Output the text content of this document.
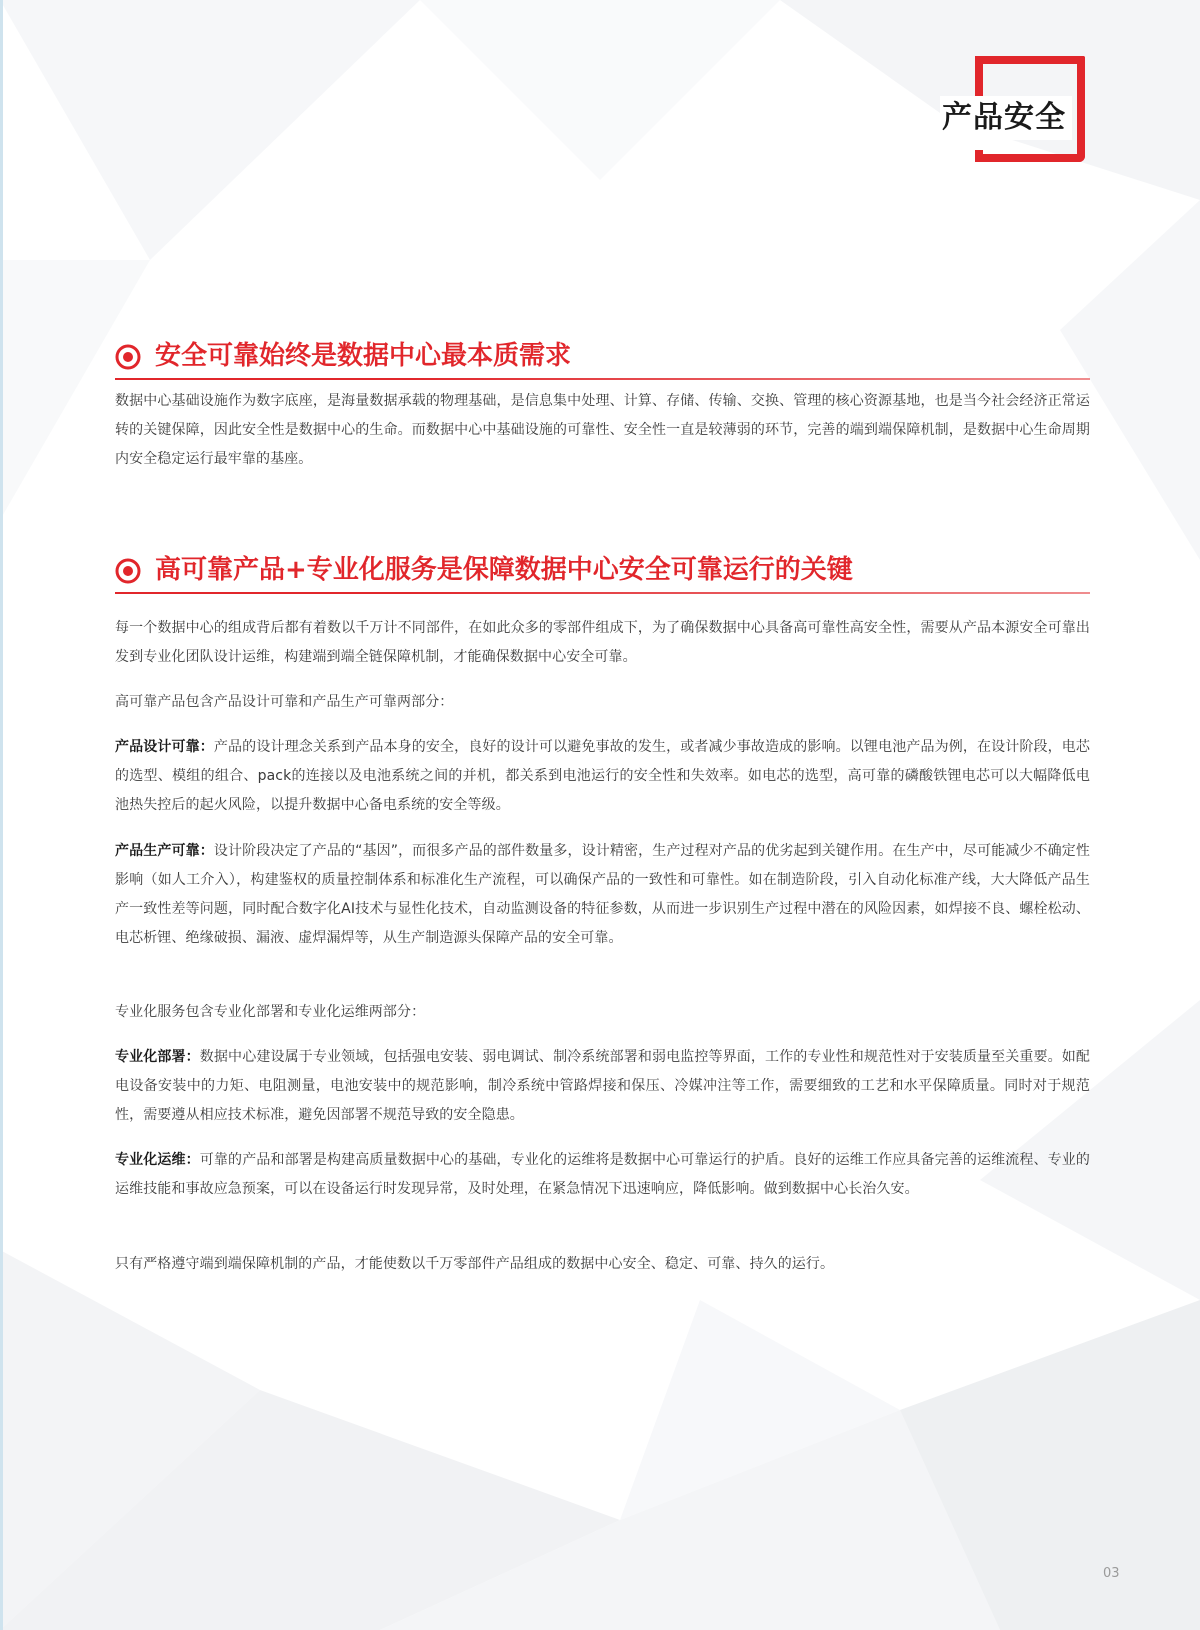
产品安全
安全可靠始终是数据中心最本质需求

数据中心基础设施作为数字底座，是海量数据承载的物理基础，是信息集中处理、计算、存储、传输、交换、管理的核心资源基地，也是当今社会经济正常运转的关键保障，因此安全性是数据中心的生命。而数据中心中基础设施的可靠性、安全性一直是较薄弱的环节，完善的端到端保障机制，是数据中心生命周期内安全稳定运行最牢靠的基座。

高可靠产品+专业化服务是保障数据中心安全可靠运行的关键

每一个数据中心的组成背后都有着数以千万计不同部件，在如此众多的零部件组成下，为了确保数据中心具备高可靠性高安全性，需要从产品本源安全可靠出发到专业化团队设计运维，构建端到端全链保障机制，才能确保数据中心安全可靠。

高可靠产品包含产品设计可靠和产品生产可靠两部分：

产品设计可靠：产品的设计理念关系到产品本身的安全，良好的设计可以避免事故的发生，或者减少事故造成的影响。以锂电池产品为例，在设计阶段，电芯的选型、模组的组合、pack的连接以及电池系统之间的并机，都关系到电池运行的安全性和失效率。如电芯的选型，高可靠的磷酸铁锂电芯可以大幅降低电池热失控后的起火风险，以提升数据中心备电系统的安全等级。

产品生产可靠：设计阶段决定了产品的“基因”，而很多产品的部件数量多，设计精密，生产过程对产品的优劣起到关键作用。在生产中，尽可能减少不确定性影响（如人工介入），构建鉴权的质量控制体系和标准化生产流程，可以确保产品的一致性和可靠性。如在制造阶段，引入自动化标准产线，大大降低产品生产一致性差等问题，同时配合数字化AI技术与显性化技术，自动监测设备的特征参数，从而进一步识别生产过程中潜在的风险因素，如焊接不良、螺栓松动、电芯析锂、绝缘破损、漏液、虚焊漏焊等，从生产制造源头保障产品的安全可靠。

专业化服务包含专业化部署和专业化运维两部分：

专业化部署：数据中心建设属于专业领域，包括强电安装、弱电调试、制冷系统部署和弱电监控等界面，工作的专业性和规范性对于安装质量至关重要。如配电设备安装中的力矩、电阻测量，电池安装中的规范影响，制冷系统中管路焊接和保压、冷媒冲注等工作，需要细致的工艺和水平保障质量。同时对于规范性，需要遵从相应技术标准，避免因部署不规范导致的安全隐患。

专业化运维：可靠的产品和部署是构建高质量数据中心的基础，专业化的运维将是数据中心可靠运行的护盾。良好的运维工作应具备完善的运维流程、专业的运维技能和事故应急预案，可以在设备运行时发现异常，及时处理，在紧急情况下迅速响应，降低影响。做到数据中心长治久安。

只有严格遵守端到端保障机制的产品，才能使数以千万零部件产品组成的数据中心安全、稳定、可靠、持久的运行。

03
